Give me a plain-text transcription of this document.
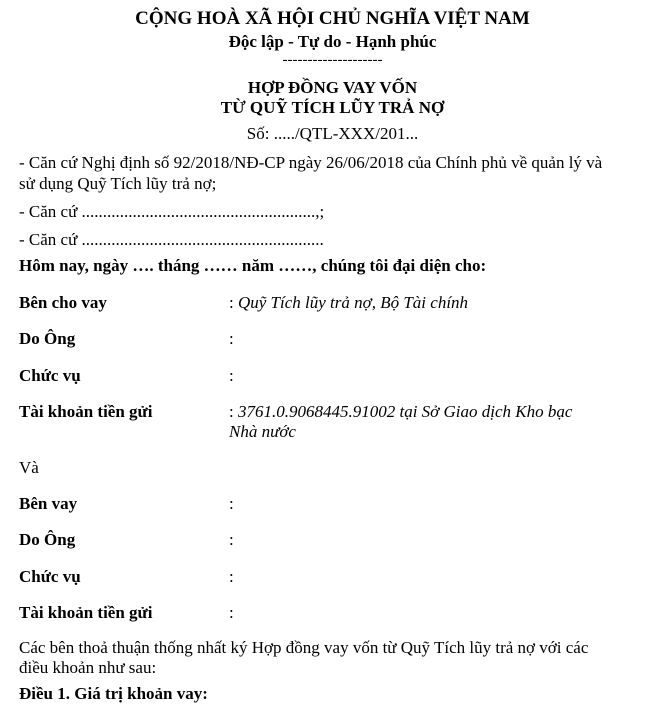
CỘNG HOÀ XÃ HỘI CHỦ NGHĨA VIỆT NAM
Độc lập - Tự do - Hạnh phúc
--------------------
HỢP ĐỒNG VAY VỐN
TỪ QUỸ TÍCH LŨY TRẢ NỢ
Số: ...../QTL-XXX/201...
- Căn cứ Nghị định số 92/2018/NĐ-CP ngày 26/06/2018 của Chính phủ về quản lý và
sử dụng Quỹ Tích lũy trả nợ;
- Căn cứ .......................................................,;
- Căn cứ .........................................................
Hôm nay, ngày …. tháng …… năm ……, chúng tôi đại diện cho:
Bên cho vay	: Quỹ Tích lũy trả nợ, Bộ Tài chính
Do Ông	:
Chức vụ	:
Tài khoản tiền gửi	: 3761.0.9068445.91002 tại Sở Giao dịch Kho bạc
Nhà nước
Và
Bên vay	:
Do Ông	:
Chức vụ	:
Tài khoản tiền gửi	:
Các bên thoả thuận thống nhất ký Hợp đồng vay vốn từ Quỹ Tích lũy trả nợ với các
điều khoản như sau:
Điều 1. Giá trị khoản vay:
